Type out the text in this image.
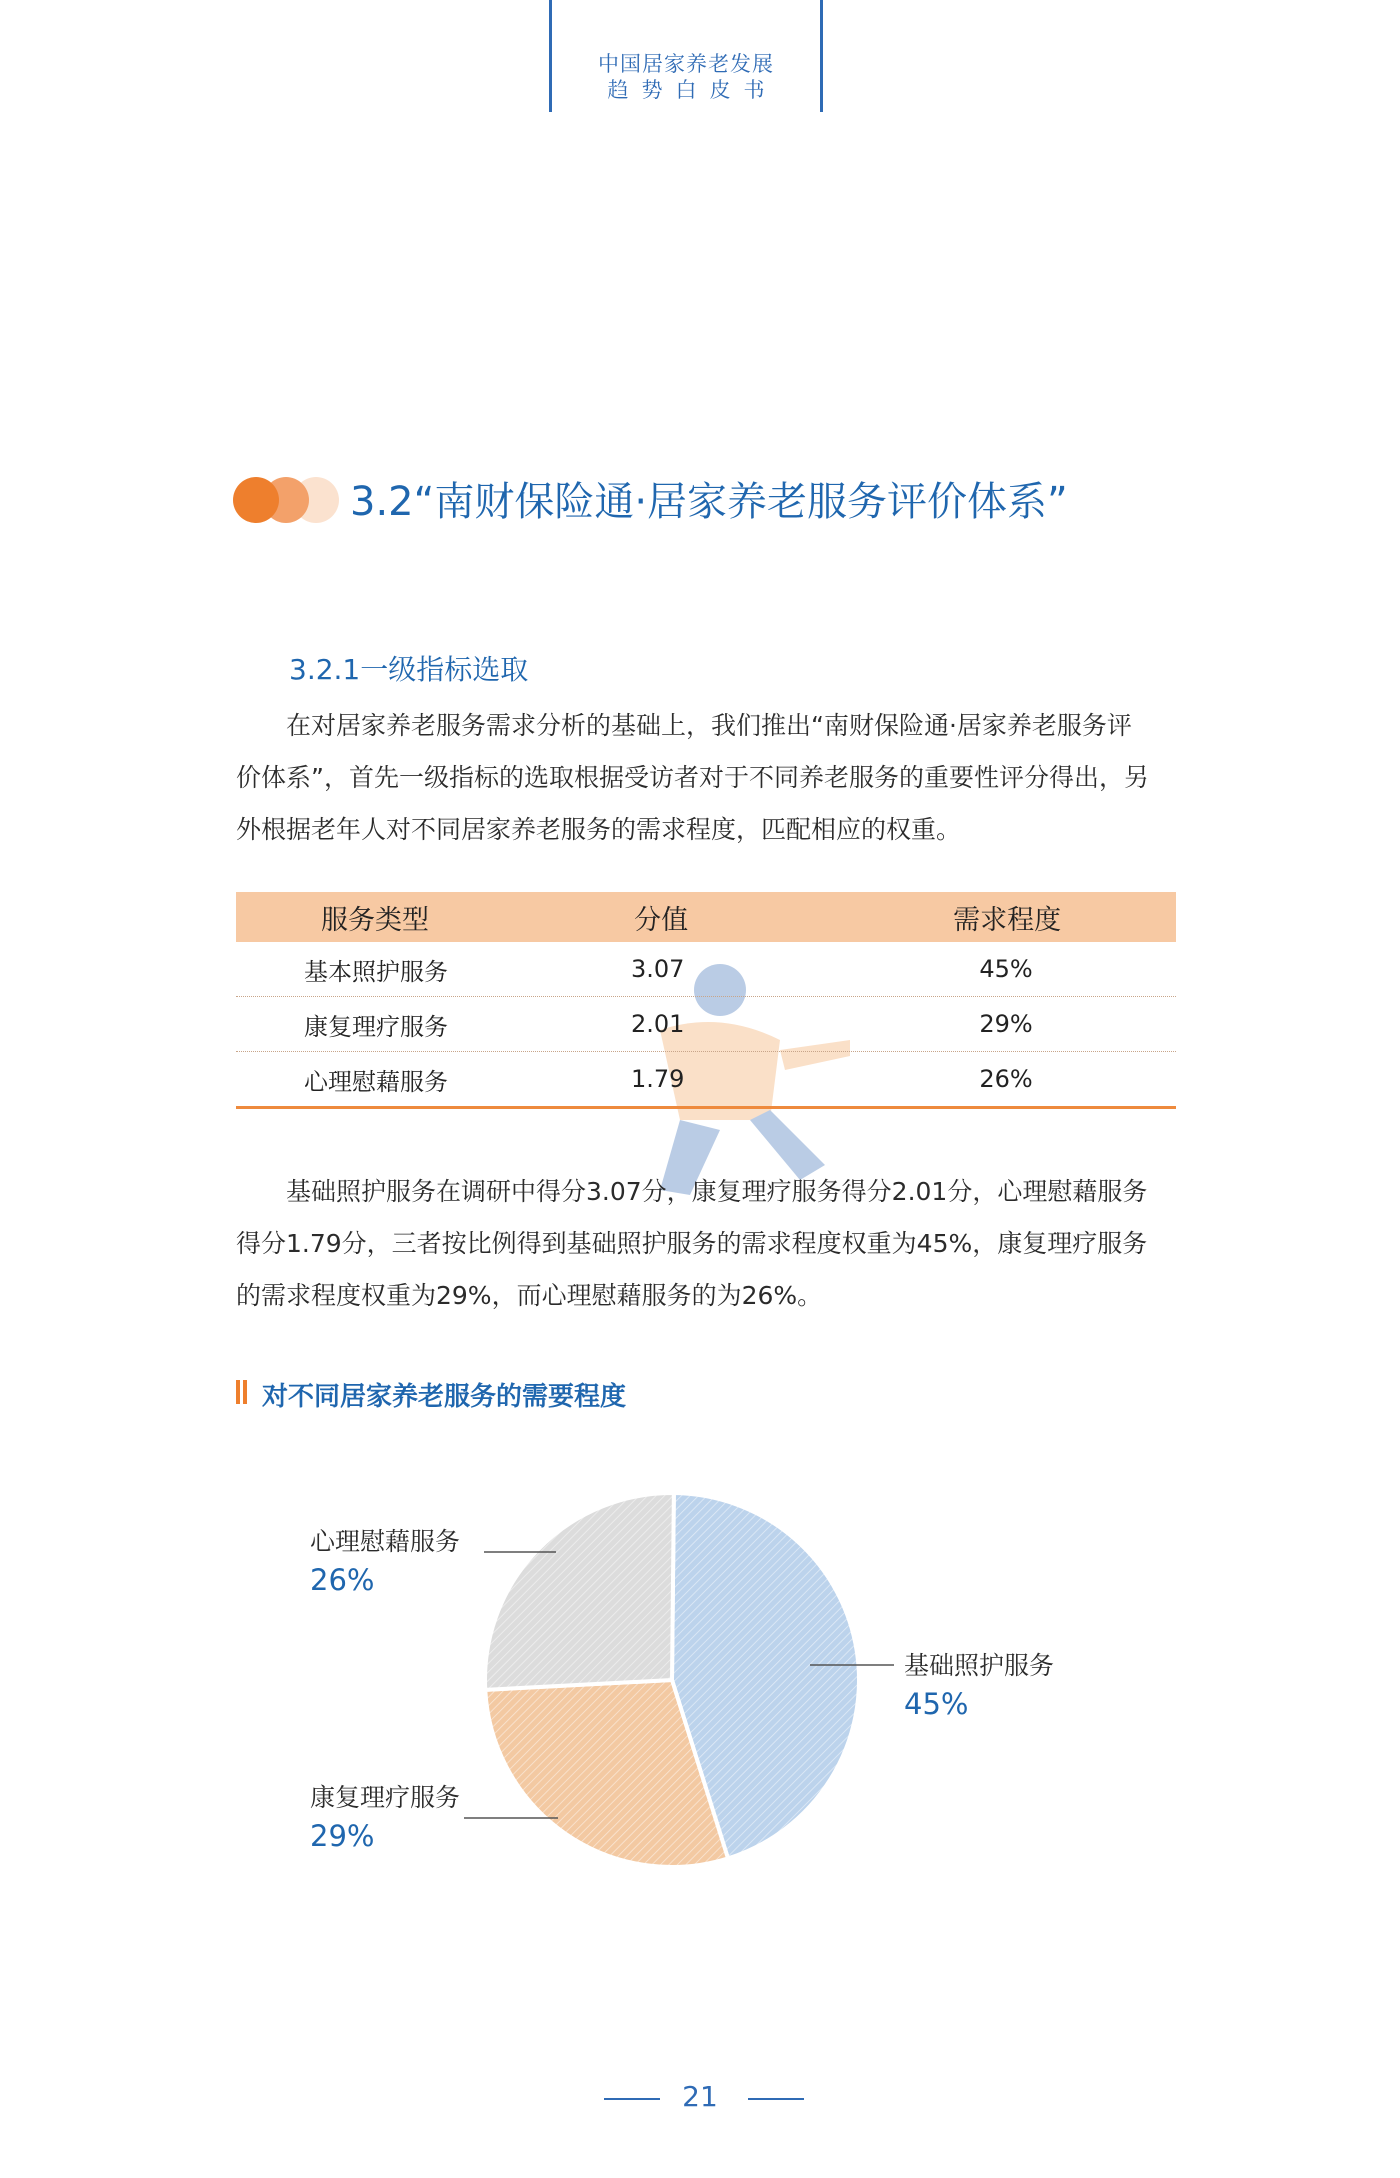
中国居家养老发展
趋势白皮书
3.2“南财保险通·居家养老服务评价体系”
3.2.1一级指标选取
在对居家养老服务需求分析的基础上，我们推出“南财保险通·居家养老服务评
价体系”，首先一级指标的选取根据受访者对于不同养老服务的重要性评分得出，另
外根据老年人对不同居家养老服务的需求程度，匹配相应的权重。
服务类型	分值	需求程度
基本照护服务	3.07	45%
康复理疗服务	2.01	29%
心理慰藉服务	1.79	26%
基础照护服务在调研中得分3.07分，康复理疗服务得分2.01分，心理慰藉服务
得分1.79分，三者按比例得到基础照护服务的需求程度权重为45%，康复理疗服务
的需求程度权重为29%，而心理慰藉服务的为26%。
对不同居家养老服务的需要程度
基础照护服务
45%
康复理疗服务
29%
心理慰藉服务
26%
21
